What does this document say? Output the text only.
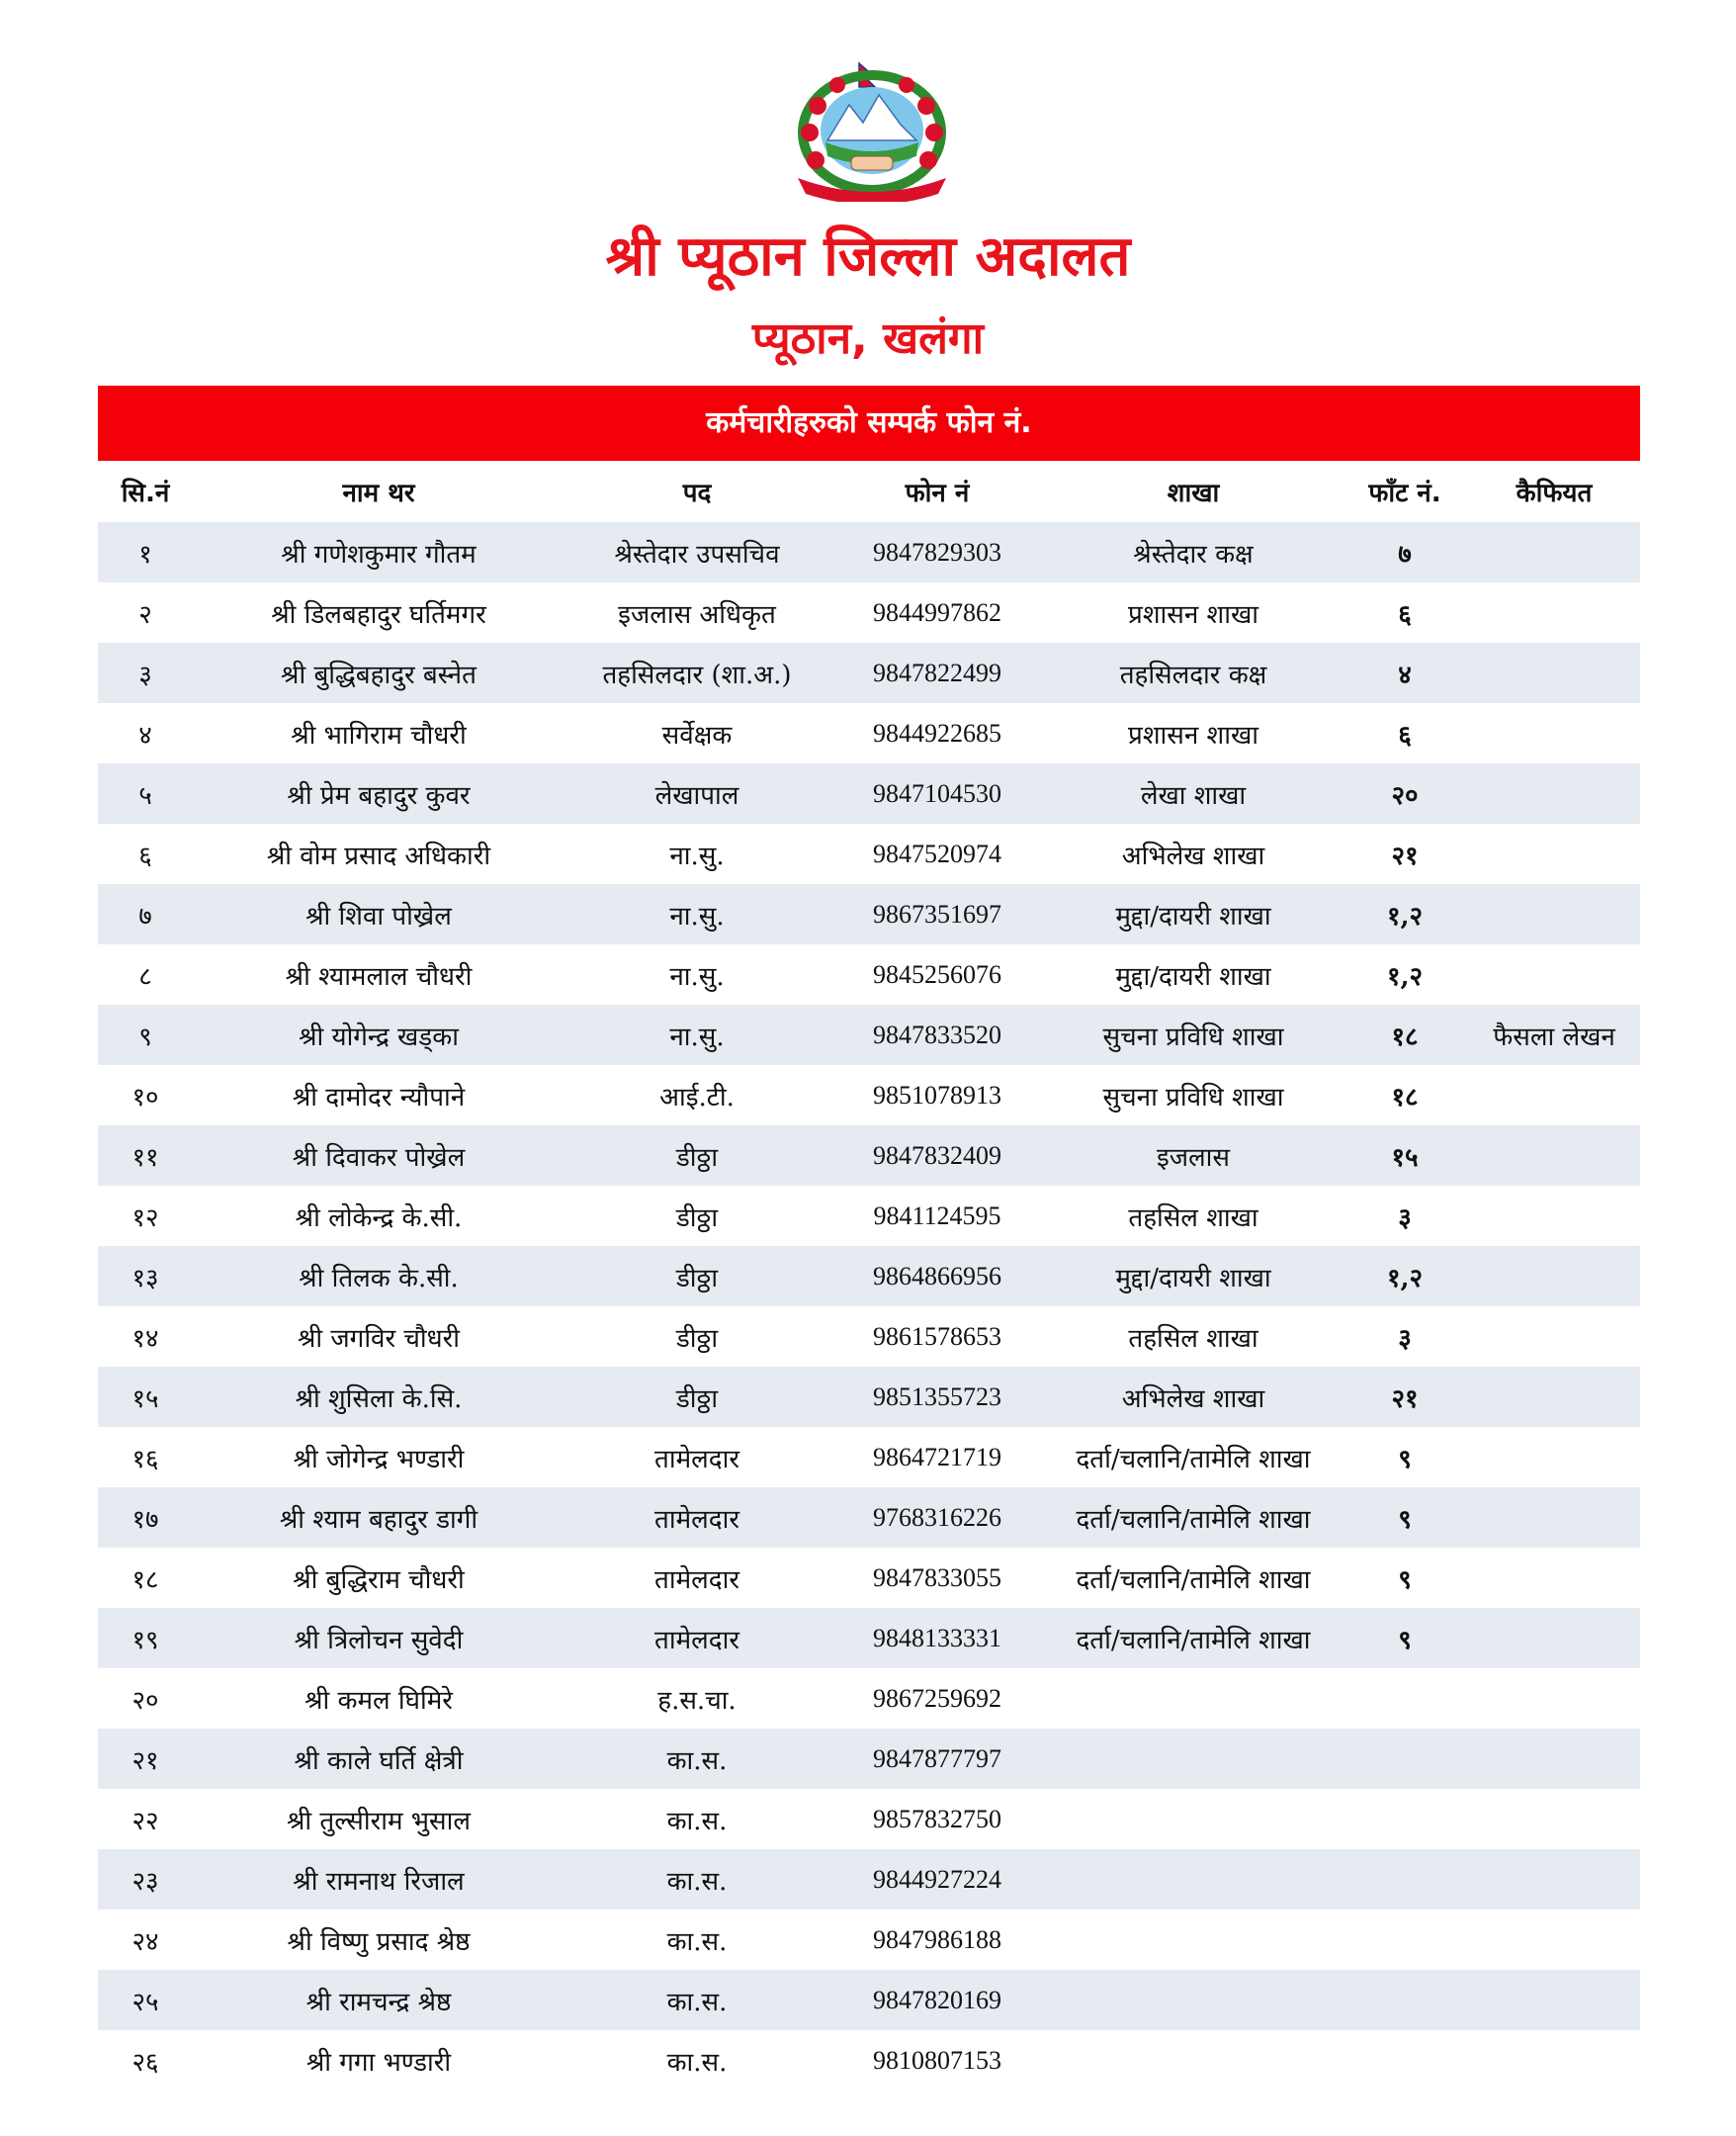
श्री प्यूठान जिल्ला अदालत
प्यूठान, खलंगा
कर्मचारीहरुको सम्पर्क फोन नं.
सि.नं	नाम थर	पद	फोन नं	शाखा	फाँट नं.	कैफियत
१	श्री गणेशकुमार गौतम	श्रेस्तेदार उपसचिव	9847829303	श्रेस्तेदार कक्ष	७	
२	श्री डिलबहादुर घर्तिमगर	इजलास अधिकृत	9844997862	प्रशासन शाखा	६	
३	श्री बुद्धिबहादुर बस्नेत	तहसिलदार (शा.अ.)	9847822499	तहसिलदार कक्ष	४	
४	श्री भागिराम चौधरी	सर्वेक्षक	9844922685	प्रशासन शाखा	६	
५	श्री प्रेम बहादुर कुवर	लेखापाल	9847104530	लेखा शाखा	२०	
६	श्री वोम प्रसाद अधिकारी	ना.सु.	9847520974	अभिलेख शाखा	२१	
७	श्री शिवा पोख्रेल	ना.सु.	9867351697	मुद्दा/दायरी शाखा	१,२	
८	श्री श्यामलाल चौधरी	ना.सु.	9845256076	मुद्दा/दायरी शाखा	१,२	
९	श्री योगेन्द्र खड्का	ना.सु.	9847833520	सुचना प्रविधि शाखा	१८	फैसला लेखन
१०	श्री दामोदर न्यौपाने	आई.टी.	9851078913	सुचना प्रविधि शाखा	१८	
११	श्री दिवाकर पोख्रेल	डीठ्ठा	9847832409	इजलास	१५	
१२	श्री लोकेन्द्र के.सी.	डीठ्ठा	9841124595	तहसिल शाखा	३	
१३	श्री तिलक के.सी.	डीठ्ठा	9864866956	मुद्दा/दायरी शाखा	१,२	
१४	श्री जगविर चौधरी	डीठ्ठा	9861578653	तहसिल शाखा	३	
१५	श्री शुसिला के.सि.	डीठ्ठा	9851355723	अभिलेख शाखा	२१	
१६	श्री जोगेन्द्र भण्डारी	तामेलदार	9864721719	दर्ता/चलानि/तामेलि शाखा	९	
१७	श्री श्याम बहादुर डागी	तामेलदार	9768316226	दर्ता/चलानि/तामेलि शाखा	९	
१८	श्री बुद्धिराम चौधरी	तामेलदार	9847833055	दर्ता/चलानि/तामेलि शाखा	९	
१९	श्री त्रिलोचन सुवेदी	तामेलदार	9848133331	दर्ता/चलानि/तामेलि शाखा	९	
२०	श्री कमल घिमिरे	ह.स.चा.	9867259692			
२१	श्री काले घर्ति क्षेत्री	का.स.	9847877797			
२२	श्री तुल्सीराम भुसाल	का.स.	9857832750			
२३	श्री रामनाथ रिजाल	का.स.	9844927224			
२४	श्री विष्णु प्रसाद श्रेष्ठ	का.स.	9847986188			
२५	श्री रामचन्द्र श्रेष्ठ	का.स.	9847820169			
२६	श्री गगा भण्डारी	का.स.	9810807153			
